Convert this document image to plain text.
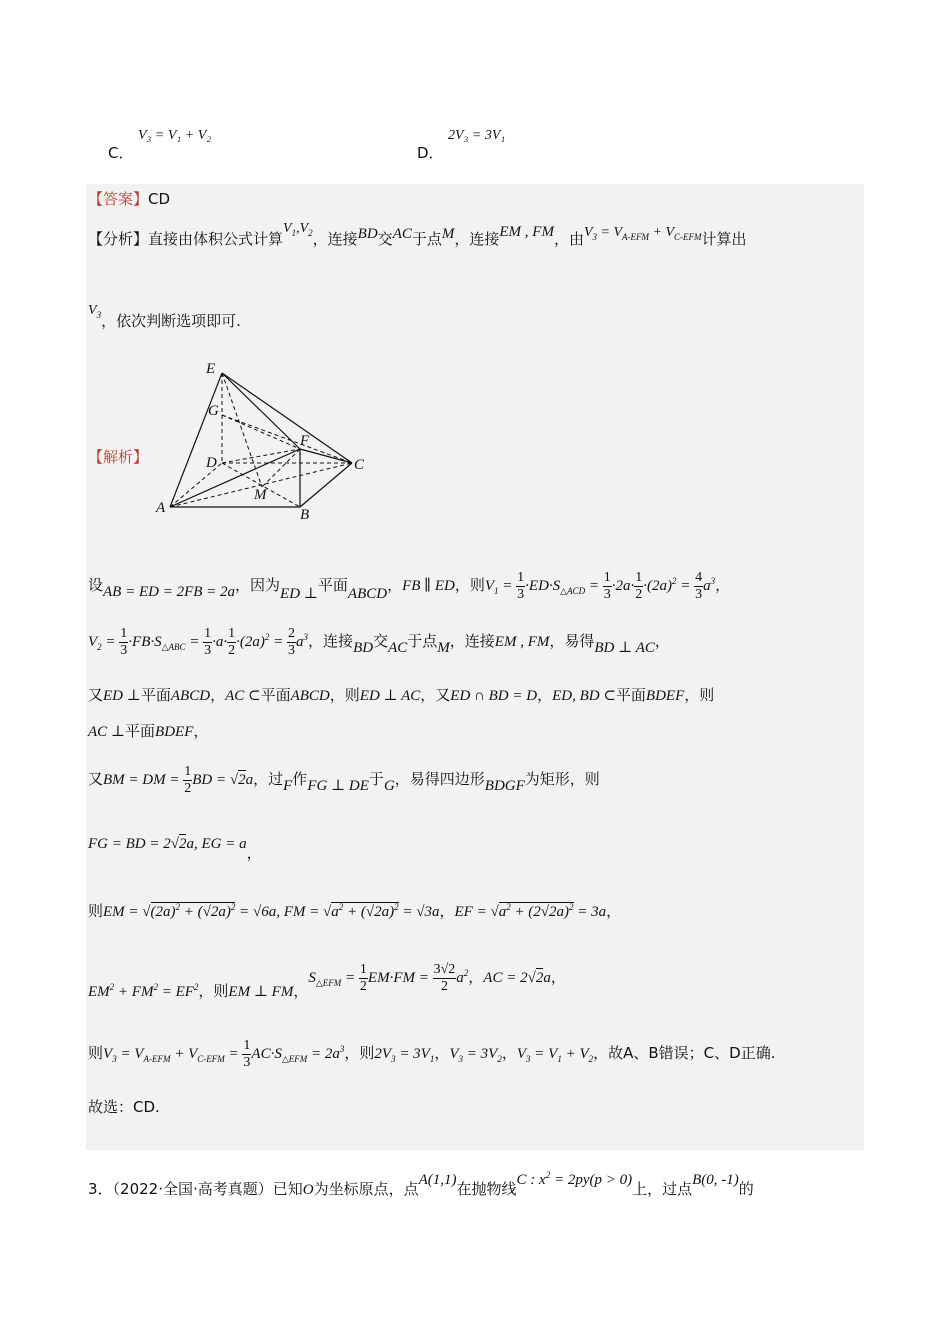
C．
V₃ = V₁ + V₂
D．
2V₃ = 3V₁
【答案】CD
【分析】直接由体积公式计算$V_1,V_2$，连接BD交AC于点M，连接EM , FM，由$V_3 = V_{A-EFM} + V_{C-EFM}$计算出
$V_3$，依次判断选项即可.
【解析】
E
G
F
D	C
M
A	B
设AB = ED = 2FB = 2a，因为ED ⊥平面ABCD，FB ∥ ED，则$V_1 = \frac{1}{3} \cdot ED\cdot S_{\triangle ACD} = \frac{1}{3} \cdot 2a\cdot \frac{1}{2} \cdot(2a)^2 = \frac{4}{3} a^3$，
$V_2 = \frac{1}{3} \cdot FB\cdot S_{\triangle ABC} = \frac{1}{3} \cdot a\cdot \frac{1}{2} \cdot(2a)^2 = \frac{2}{3} a^3$，连接BD交AC于点M，连接EM , FM，易得BD ⊥ AC，
又ED ⊥平面ABCD，AC ⊂平面ABCD，则ED ⊥ AC，又ED ∩ BD = D，ED, BD ⊂平面BDEF，则
AC ⊥平面BDEF，
又BM = DM = $\frac{1}{2}$ BD = √2a，过F作FG ⊥ DE于G，易得四边形BDGF为矩形，则
FG = BD = 2√2a, EG = a，
则EM = $√(2a)^2 + (√2a)^2 = √6a$, FM = $√a^2 + (√2a)^2 = √3a$，EF = $√a^2 + (2√2a)^2 = 3a$，
$EM^2 + FM^2 = EF^2$，则EM ⊥ FM，$S_{\triangle EFM} = \frac{1}{2} EM\cdot FM = \frac{3√2}{2} a^2$，AC = 2√2a，
则$V_3 = V_{A-EFM} + V_{C-EFM} = \frac{1}{3} AC\cdot S_{\triangle EFM} = 2a^3$，则$2V_3 = 3V_1$，$V_3 = 3V_2$，$V_3 = V_1 + V_2$，故A、B错误；C、D正确.
故选：CD.
3．（2022·全国·高考真题）已知O为坐标原点，点A(1,1)在抛物线C : $x^2 = 2py(p > 0)$上，过点B(0, -1)的
